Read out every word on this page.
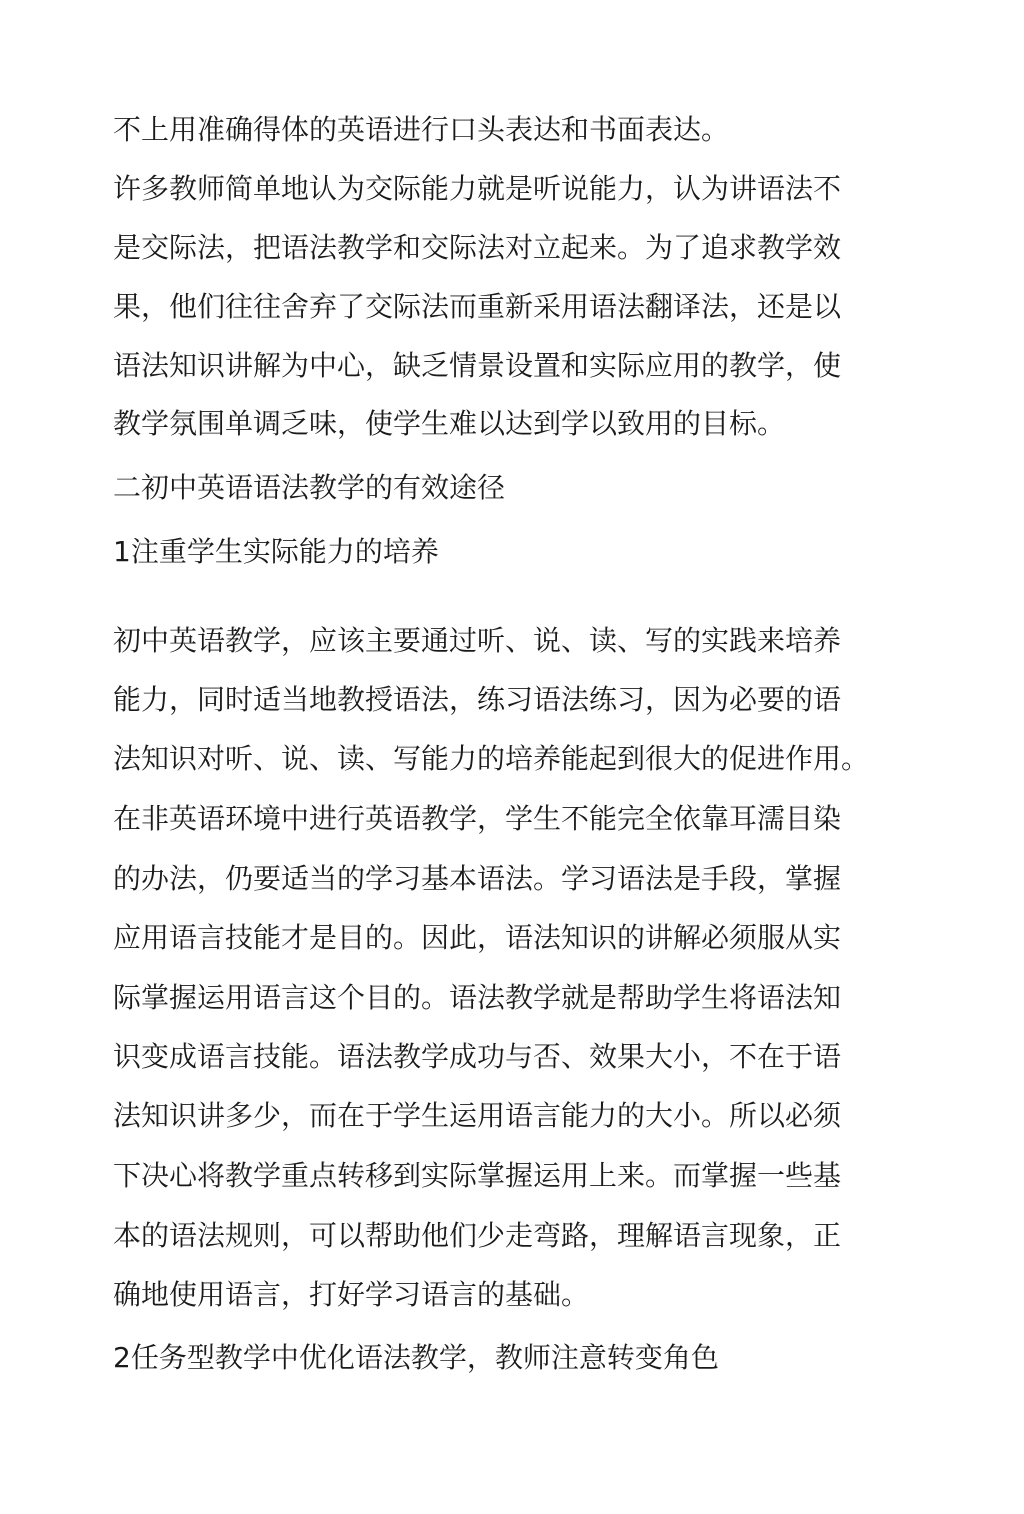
不上用准确得体的英语进行口头表达和书面表达。
许多教师简单地认为交际能力就是听说能力，认为讲语法不
是交际法，把语法教学和交际法对立起来。为了追求教学效
果，他们往往舍弃了交际法而重新采用语法翻译法，还是以
语法知识讲解为中心，缺乏情景设置和实际应用的教学，使
教学氛围单调乏味，使学生难以达到学以致用的目标。
二初中英语语法教学的有效途径
1注重学生实际能力的培养
初中英语教学，应该主要通过听、说、读、写的实践来培养
能力，同时适当地教授语法，练习语法练习，因为必要的语
法知识对听、说、读、写能力的培养能起到很大的促进作用。
在非英语环境中进行英语教学，学生不能完全依靠耳濡目染
的办法，仍要适当的学习基本语法。学习语法是手段，掌握
应用语言技能才是目的。因此，语法知识的讲解必须服从实
际掌握运用语言这个目的。语法教学就是帮助学生将语法知
识变成语言技能。语法教学成功与否、效果大小，不在于语
法知识讲多少，而在于学生运用语言能力的大小。所以必须
下决心将教学重点转移到实际掌握运用上来。而掌握一些基
本的语法规则，可以帮助他们少走弯路，理解语言现象，正
确地使用语言，打好学习语言的基础。
2任务型教学中优化语法教学，教师注意转变角色
